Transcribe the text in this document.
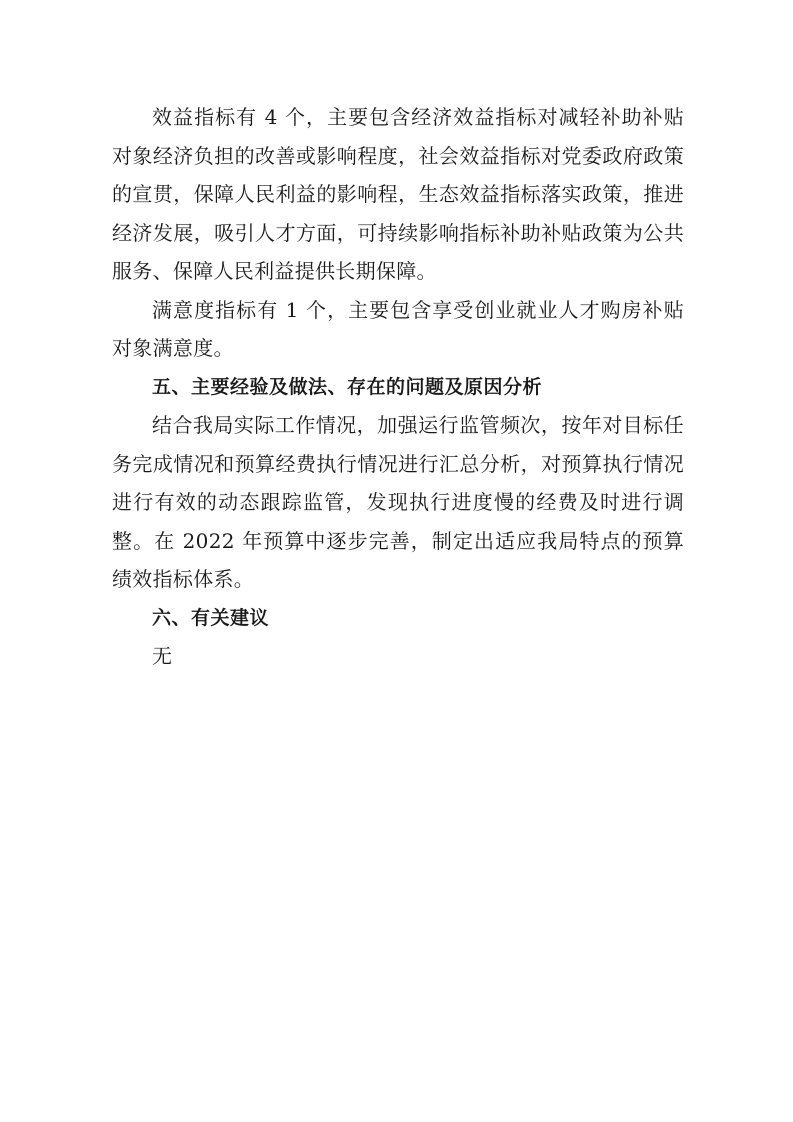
效益指标有 4 个，主要包含经济效益指标对减轻补助补贴对象经济负担的改善或影响程度，社会效益指标对党委政府政策的宣贯，保障人民利益的影响程，生态效益指标落实政策，推进经济发展，吸引人才方面，可持续影响指标补助补贴政策为公共服务、保障人民利益提供长期保障。

满意度指标有 1 个，主要包含享受创业就业人才购房补贴对象满意度。

五、主要经验及做法、存在的问题及原因分析

结合我局实际工作情况，加强运行监管频次，按年对目标任务完成情况和预算经费执行情况进行汇总分析，对预算执行情况进行有效的动态跟踪监管，发现执行进度慢的经费及时进行调整。在 2022 年预算中逐步完善，制定出适应我局特点的预算绩效指标体系。

六、有关建议

无
